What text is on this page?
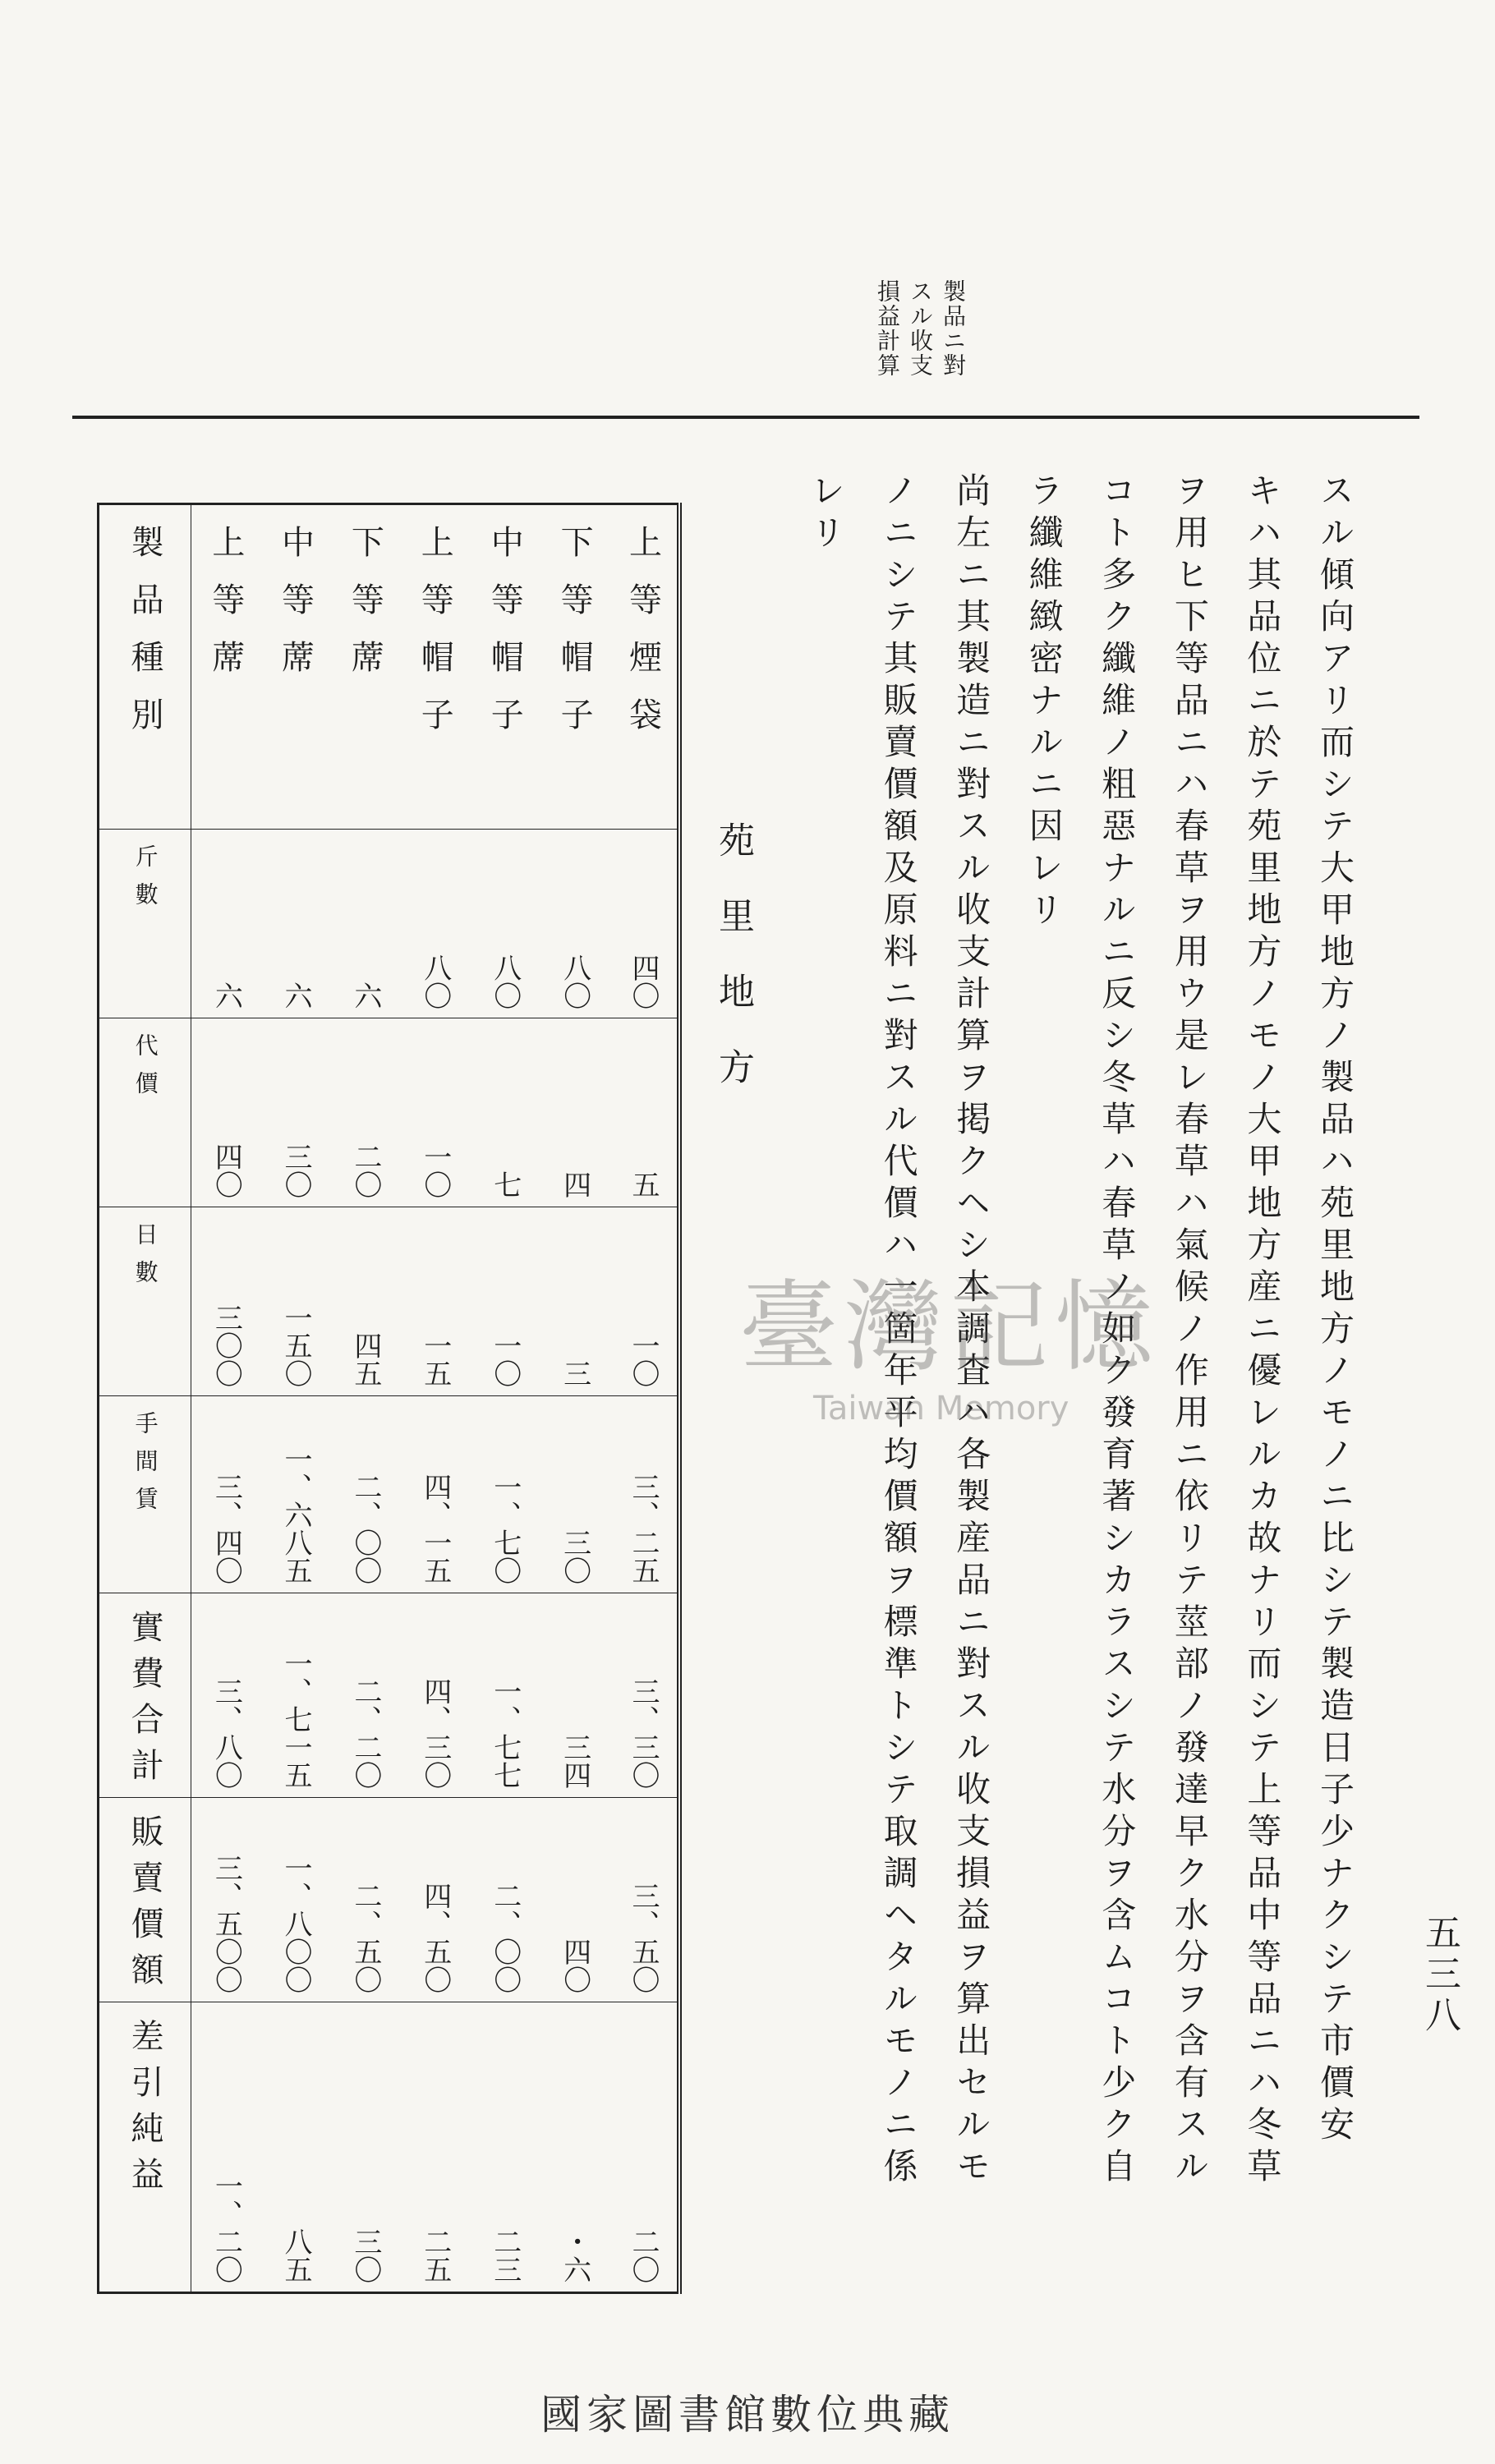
五三八
製品ニ對
スル收支
損益計算
スル傾向アリ而シテ大甲地方ノ製品ハ苑里地方ノモノニ比シテ製造日子少ナクシテ市價安
キハ其品位ニ於テ苑里地方ノモノ大甲地方産ニ優レルカ故ナリ而シテ上等品中等品ニハ冬草
ヲ用ヒ下等品ニハ春草ヲ用ウ是レ春草ハ氣候ノ作用ニ依リテ莖部ノ發達早ク水分ヲ含有スル
コト多ク纖維ノ粗惡ナルニ反シ冬草ハ春草ノ如ク發育著シカラスシテ水分ヲ含ムコト少ク自
ラ纖維緻密ナルニ因レリ
尚左ニ其製造ニ對スル收支計算ヲ掲クヘシ本調査ハ各製産品ニ對スル收支損益ヲ算出セルモ
ノニシテ其販賣價額及原料ニ對スル代價ハ一箇年平均價額ヲ標準トシテ取調ヘタルモノニ係
レリ
苑里地方
製品種別	上等蓆	中等蓆	下等蓆	上等帽子	中等帽子	下等帽子	上等煙袋
斤數	六	六	六	八〇	八〇	八〇	四〇

代價	四〇	三〇	二〇	一〇	七	四	五

日數	三〇〇	一五〇	四五	一五	一〇	三	一〇

手間賃	三、四〇	一、六八五	二、〇〇	四、一五	一、七〇	三〇	三、二五

實費合計	三、八〇	一、七一五	二、二〇	四、三〇	一、七七	三四	三、三〇

販賣價額	三、五〇〇	一、八〇〇	二、五〇	四、五〇	二、〇〇	四〇	三、五〇

差引純益	一、二〇	八五	三〇	二五	二三	・六	二〇
臺灣記憶
Taiwan Memory
國家圖書館數位典藏
